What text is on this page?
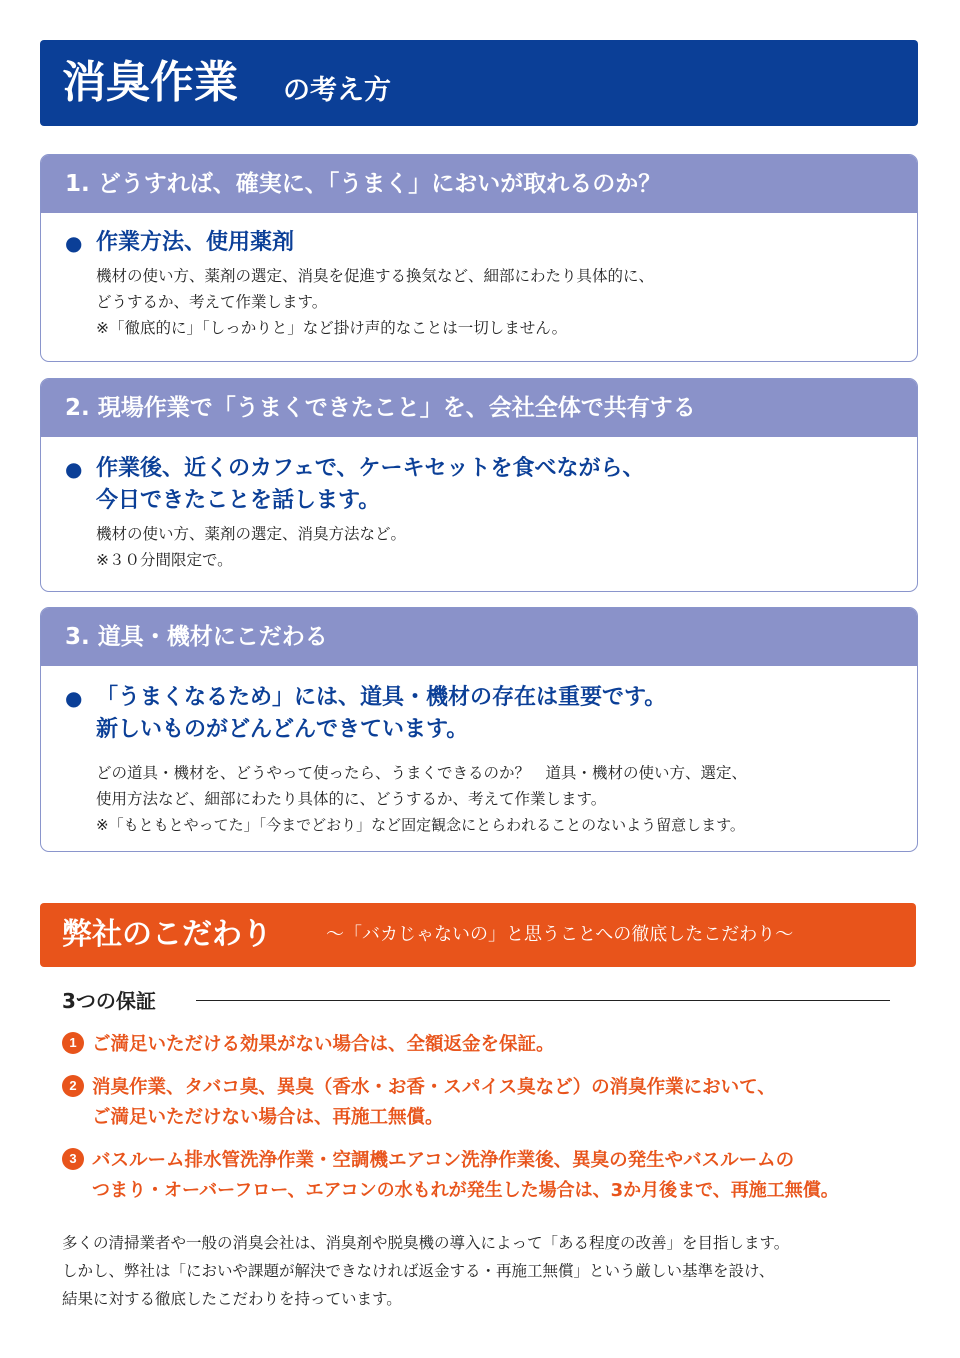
消臭作業 の考え方
1. どうすれば、確実に、「うまく」においが取れるのか？
● 作業方法、使用薬剤
機材の使い方、薬剤の選定、消臭を促進する換気など、細部にわたり具体的に、
どうするか、考えて作業します。
※「徹底的に」「しっかりと」など掛け声的なことは一切しません。
2. 現場作業で「うまくできたこと」を、会社全体で共有する
● 作業後、近くのカフェで、ケーキセットを食べながら、
今日できたことを話します。
機材の使い方、薬剤の選定、消臭方法など。
※３０分間限定で。
3. 道具・機材にこだわる
● 「うまくなるため」には、道具・機材の存在は重要です。
新しいものがどんどんできています。
どの道具・機材を、どうやって使ったら、うまくできるのか？　道具・機材の使い方、選定、
使用方法など、細部にわたり具体的に、どうするか、考えて作業します。
※「もともとやってた」「今までどおり」など固定観念にとらわれることのないよう留意します。
弊社のこだわり	～「バカじゃないの」と思うことへの徹底したこだわり～
3つの保証
1 ご満足いただける効果がない場合は、全額返金を保証。
2 消臭作業、タバコ臭、異臭（香水・お香・スパイス臭など）の消臭作業において、
ご満足いただけない場合は、再施工無償。
3 バスルーム排水管洗浄作業・空調機エアコン洗浄作業後、異臭の発生やバスルームの
つまり・オーバーフロー、エアコンの水もれが発生した場合は、3か月後まで、再施工無償。
多くの清掃業者や一般の消臭会社は、消臭剤や脱臭機の導入によって「ある程度の改善」を目指します。
しかし、弊社は「においや課題が解決できなければ返金する・再施工無償」という厳しい基準を設け、
結果に対する徹底したこだわりを持っています。
